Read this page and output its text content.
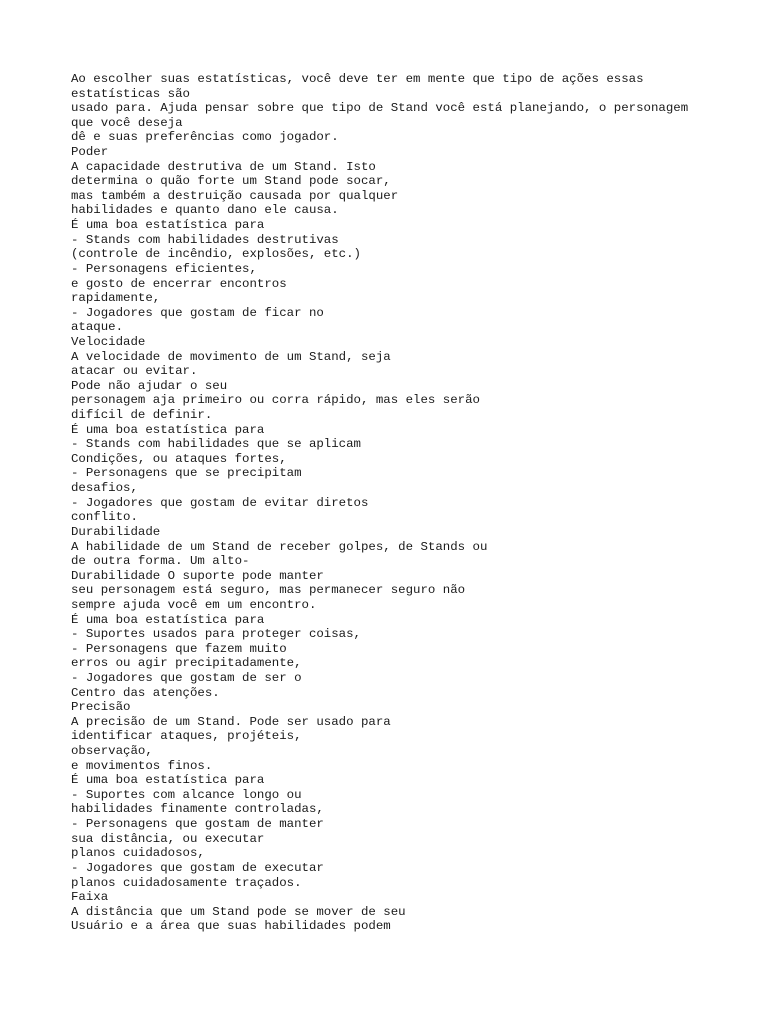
Ao escolher suas estatísticas, você deve ter em mente que tipo de ações essas
estatísticas são
usado para. Ajuda pensar sobre que tipo de Stand você está planejando, o personagem
que você deseja
dê e suas preferências como jogador.
Poder
A capacidade destrutiva de um Stand. Isto
determina o quão forte um Stand pode socar,
mas também a destruição causada por qualquer
habilidades e quanto dano ele causa.
É uma boa estatística para
- Stands com habilidades destrutivas
(controle de incêndio, explosões, etc.)
- Personagens eficientes,
e gosto de encerrar encontros
rapidamente,
- Jogadores que gostam de ficar no
ataque.
Velocidade
A velocidade de movimento de um Stand, seja
atacar ou evitar.
Pode não ajudar o seu
personagem aja primeiro ou corra rápido, mas eles serão
difícil de definir.
É uma boa estatística para
- Stands com habilidades que se aplicam
Condições, ou ataques fortes,
- Personagens que se precipitam
desafios,
- Jogadores que gostam de evitar diretos
conflito.
Durabilidade
A habilidade de um Stand de receber golpes, de Stands ou
de outra forma. Um alto-
Durabilidade O suporte pode manter
seu personagem está seguro, mas permanecer seguro não
sempre ajuda você em um encontro.
É uma boa estatística para
- Suportes usados para proteger coisas,
- Personagens que fazem muito
erros ou agir precipitadamente,
- Jogadores que gostam de ser o
Centro das atenções.
Precisão
A precisão de um Stand. Pode ser usado para
identificar ataques, projéteis,
observação,
e movimentos finos.
É uma boa estatística para
- Suportes com alcance longo ou
habilidades finamente controladas,
- Personagens que gostam de manter
sua distância, ou executar
planos cuidadosos,
- Jogadores que gostam de executar
planos cuidadosamente traçados.
Faixa
A distância que um Stand pode se mover de seu
Usuário e a área que suas habilidades podem
